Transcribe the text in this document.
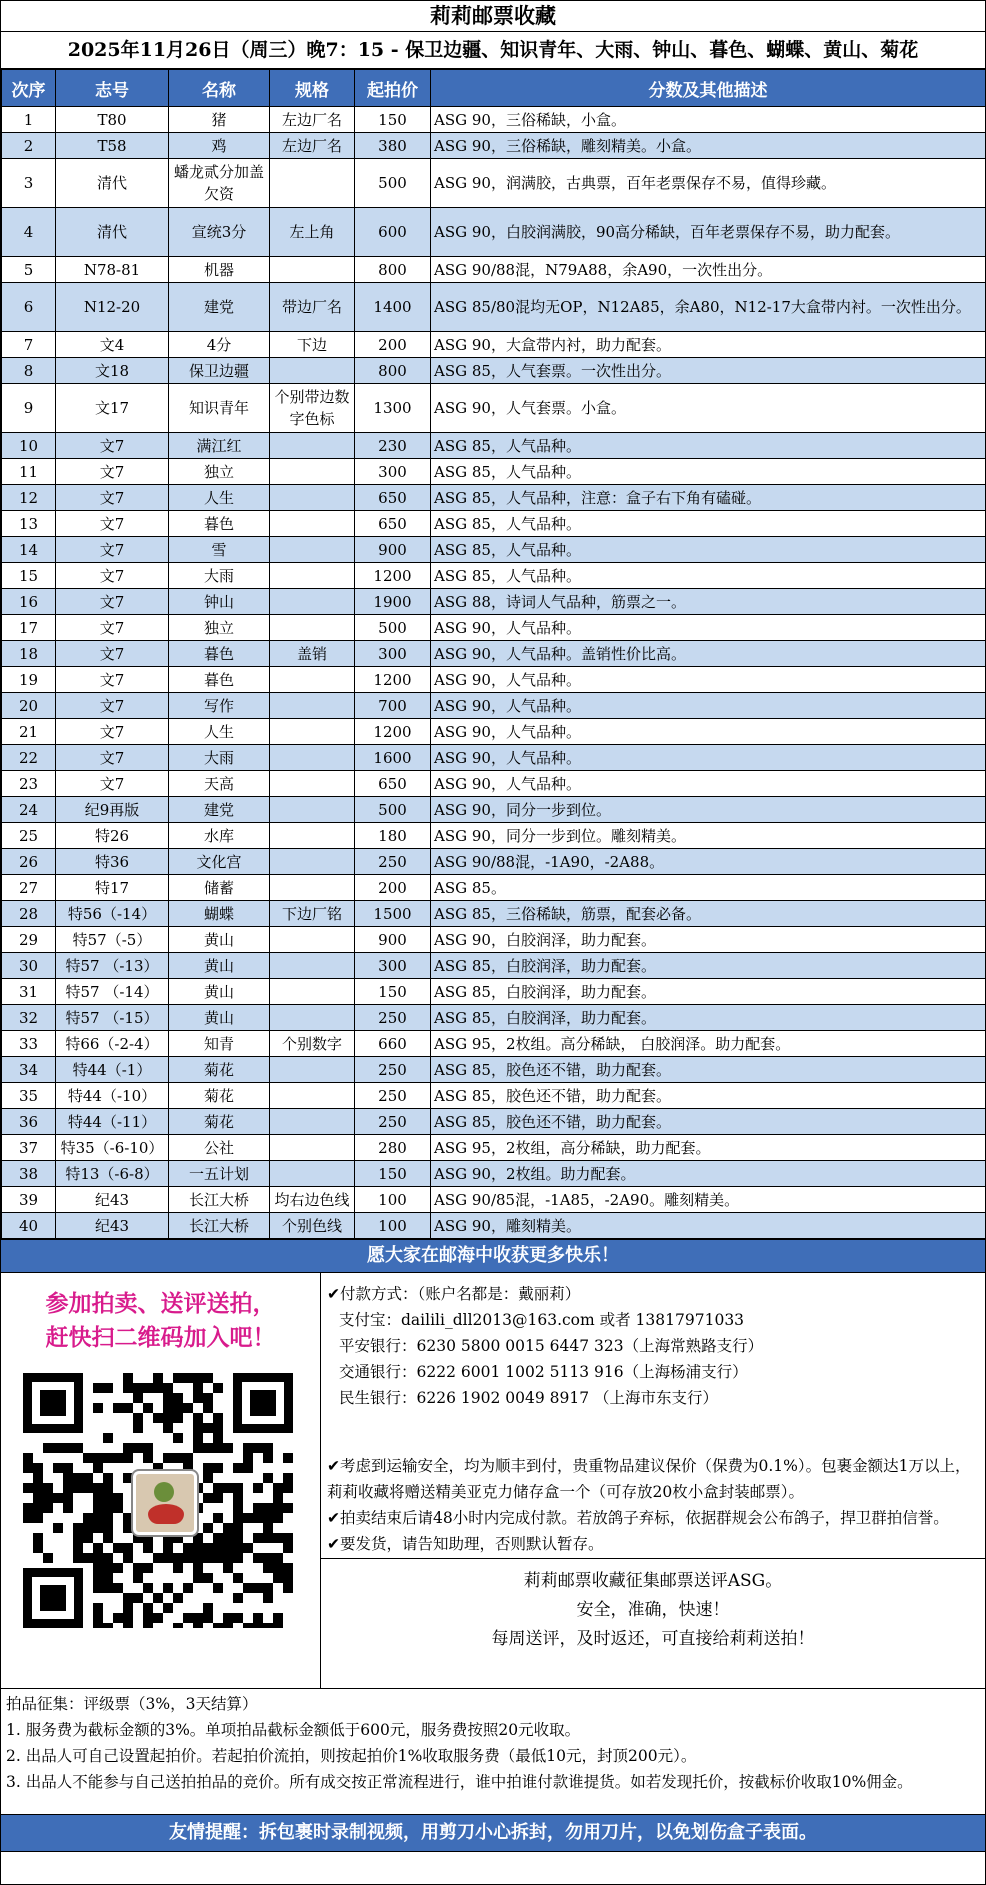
莉莉邮票收藏
2025年11月26日（周三）晚7：15 - 保卫边疆、知识青年、大雨、钟山、暮色、蝴蝶、黄山、菊花
次序	志号	名称	规格	起拍价	分数及其他描述
1	T80	猪	左边厂名	150	ASG 90，三俗稀缺，小盒。
2	T58	鸡	左边厂名	380	ASG 90，三俗稀缺，雕刻精美。小盒。
3	清代	蟠龙贰分加盖欠资		500	ASG 90，润满胶，古典票，百年老票保存不易，值得珍藏。
4	清代	宣统3分	左上角	600	ASG 90，白胶润满胶，90高分稀缺，百年老票保存不易，助力配套。
5	N78-81	机器		800	ASG 90/88混，N79A88，余A90，一次性出分。
6	N12-20	建党	带边厂名	1400	ASG 85/80混均无OP，N12A85，余A80，N12-17大盒带内衬。一次性出分。
7	文4	4分	下边	200	ASG 90，大盒带内衬，助力配套。
8	文18	保卫边疆		800	ASG 85，人气套票。一次性出分。
9	文17	知识青年	个别带边数字色标	1300	ASG 90，人气套票。小盒。
10	文7	满江红		230	ASG 85，人气品种。
11	文7	独立		300	ASG 85，人气品种。
12	文7	人生		650	ASG 85，人气品种，注意：盒子右下角有磕碰。
13	文7	暮色		650	ASG 85，人气品种。
14	文7	雪		900	ASG 85，人气品种。
15	文7	大雨		1200	ASG 85，人气品种。
16	文7	钟山		1900	ASG 88，诗词人气品种，筋票之一。
17	文7	独立		500	ASG 90，人气品种。
18	文7	暮色	盖销	300	ASG 90，人气品种。盖销性价比高。
19	文7	暮色		1200	ASG 90，人气品种。
20	文7	写作		700	ASG 90，人气品种。
21	文7	人生		1200	ASG 90，人气品种。
22	文7	大雨		1600	ASG 90，人气品种。
23	文7	天高		650	ASG 90，人气品种。
24	纪9再版	建党		500	ASG 90，同分一步到位。
25	特26	水库		180	ASG 90，同分一步到位。雕刻精美。
26	特36	文化宫		250	ASG 90/88混，-1A90，-2A88。
27	特17	储蓄		200	ASG 85。
28	特56（-14）	蝴蝶	下边厂铭	1500	ASG 85，三俗稀缺，筋票，配套必备。
29	特57（-5）	黄山		900	ASG 90，白胶润泽，助力配套。
30	特57 （-13）	黄山		300	ASG 85，白胶润泽，助力配套。
31	特57 （-14）	黄山		150	ASG 85，白胶润泽，助力配套。
32	特57 （-15）	黄山		250	ASG 85，白胶润泽，助力配套。
33	特66（-2-4）	知青	个别数字	660	ASG 95，2枚组。高分稀缺， 白胶润泽。助力配套。
34	特44（-1）	菊花		250	ASG 85，胶色还不错，助力配套。
35	特44（-10）	菊花		250	ASG 85，胶色还不错，助力配套。
36	特44（-11）	菊花		250	ASG 85，胶色还不错，助力配套。
37	特35（-6-10）	公社		280	ASG 95，2枚组，高分稀缺，助力配套。
38	特13（-6-8）	一五计划		150	ASG 90，2枚组。助力配套。
39	纪43	长江大桥	均右边色线	100	ASG 90/85混，-1A85，-2A90。雕刻精美。
40	纪43	长江大桥	个别色线	100	ASG 90，雕刻精美。
愿大家在邮海中收获更多快乐！
参加拍卖、送评送拍，
赶快扫二维码加入吧！
✔付款方式：（账户名都是：戴丽莉）
支付宝：dailili_dll2013@163.com 或者 13817971033
平安银行：6230 5800 0015 6447 323（上海常熟路支行）
交通银行：6222 6001 1002 5113 916（上海杨浦支行）
民生银行：6226 1902 0049 8917 （上海市东支行）
✔考虑到运输安全，均为顺丰到付，贵重物品建议保价（保费为0.1%）。包裹金额达1万以上，莉莉收藏将赠送精美亚克力储存盒一个（可存放20枚小盒封装邮票）。
✔拍卖结束后请48小时内完成付款。若放鸽子弃标，依据群规会公布鸽子，捍卫群拍信誉。
✔要发货，请告知助理，否则默认暂存。
莉莉邮票收藏征集邮票送评ASG。
安全，准确，快速！
每周送评，及时返还，可直接给莉莉送拍！
拍品征集：评级票（3%，3天结算）
1. 服务费为截标金额的3%。单项拍品截标金额低于600元，服务费按照20元收取。
2. 出品人可自己设置起拍价。若起拍价流拍，则按起拍价1%收取服务费（最低10元，封顶200元）。
3. 出品人不能参与自己送拍拍品的竞价。所有成交按正常流程进行，谁中拍谁付款谁提货。如若发现托价，按截标价收取10%佣金。
友情提醒：拆包裹时录制视频，用剪刀小心拆封，勿用刀片，以免划伤盒子表面。
